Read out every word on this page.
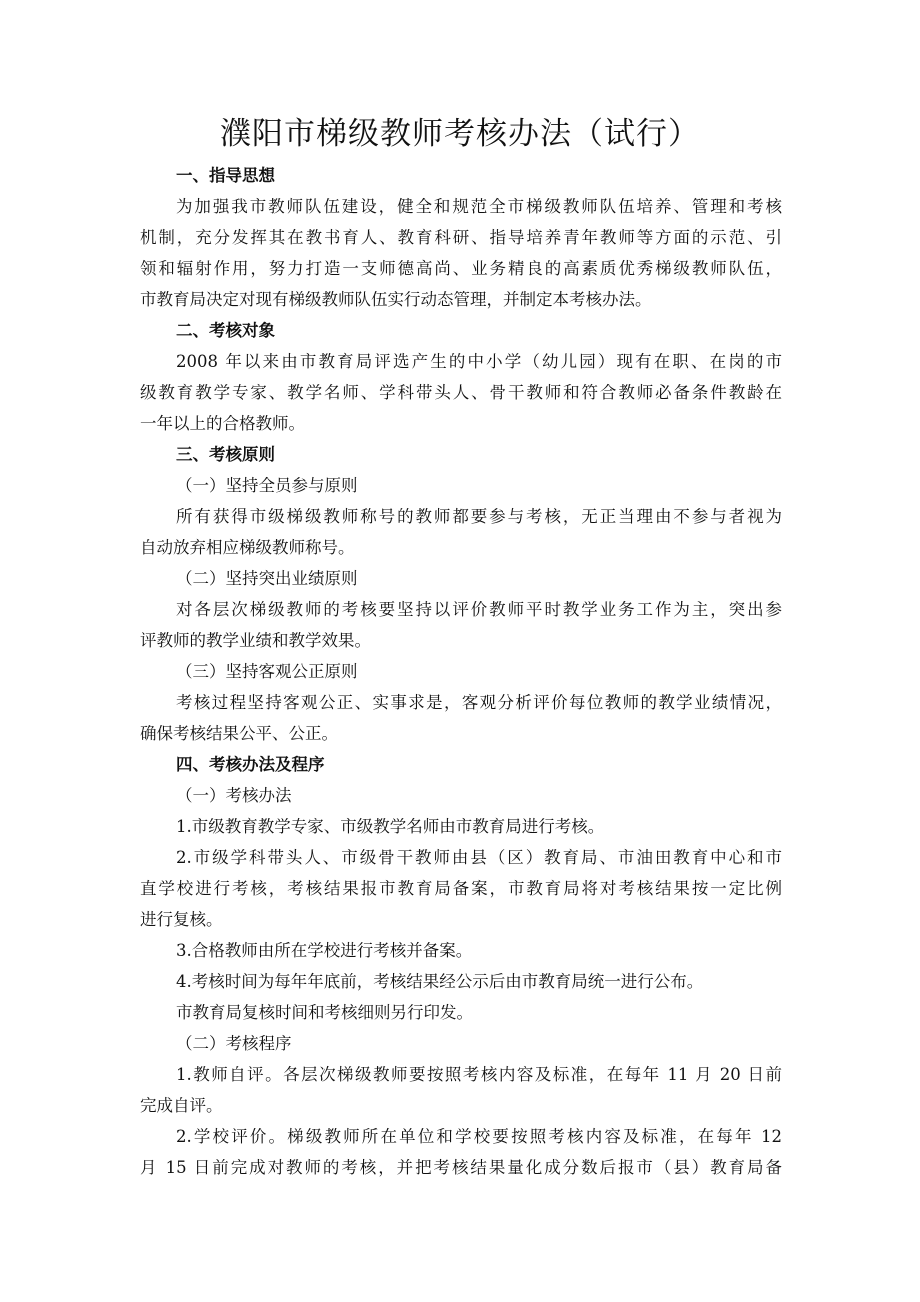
濮阳市梯级教师考核办法（试行）
一、指导思想
为加强我市教师队伍建设，健全和规范全市梯级教师队伍培养、管理和考核
机制，充分发挥其在教书育人、教育科研、指导培养青年教师等方面的示范、引
领和辐射作用，努力打造一支师德高尚、业务精良的高素质优秀梯级教师队伍，
市教育局决定对现有梯级教师队伍实行动态管理，并制定本考核办法。
二、考核对象
2008 年以来由市教育局评选产生的中小学（幼儿园）现有在职、在岗的市
级教育教学专家、教学名师、学科带头人、骨干教师和符合教师必备条件教龄在
一年以上的合格教师。
三、考核原则
（一）坚持全员参与原则
所有获得市级梯级教师称号的教师都要参与考核，无正当理由不参与者视为
自动放弃相应梯级教师称号。
（二）坚持突出业绩原则
对各层次梯级教师的考核要坚持以评价教师平时教学业务工作为主，突出参
评教师的教学业绩和教学效果。
（三）坚持客观公正原则
考核过程坚持客观公正、实事求是，客观分析评价每位教师的教学业绩情况，
确保考核结果公平、公正。
四、考核办法及程序
（一）考核办法
1.市级教育教学专家、市级教学名师由市教育局进行考核。
2.市级学科带头人、市级骨干教师由县（区）教育局、市油田教育中心和市
直学校进行考核，考核结果报市教育局备案，市教育局将对考核结果按一定比例
进行复核。
3.合格教师由所在学校进行考核并备案。
4.考核时间为每年年底前，考核结果经公示后由市教育局统一进行公布。
市教育局复核时间和考核细则另行印发。
（二）考核程序
1.教师自评。各层次梯级教师要按照考核内容及标准，在每年 11 月 20 日前
完成自评。
2.学校评价。梯级教师所在单位和学校要按照考核内容及标准，在每年 12
月 15 日前完成对教师的考核，并把考核结果量化成分数后报市（县）教育局备
